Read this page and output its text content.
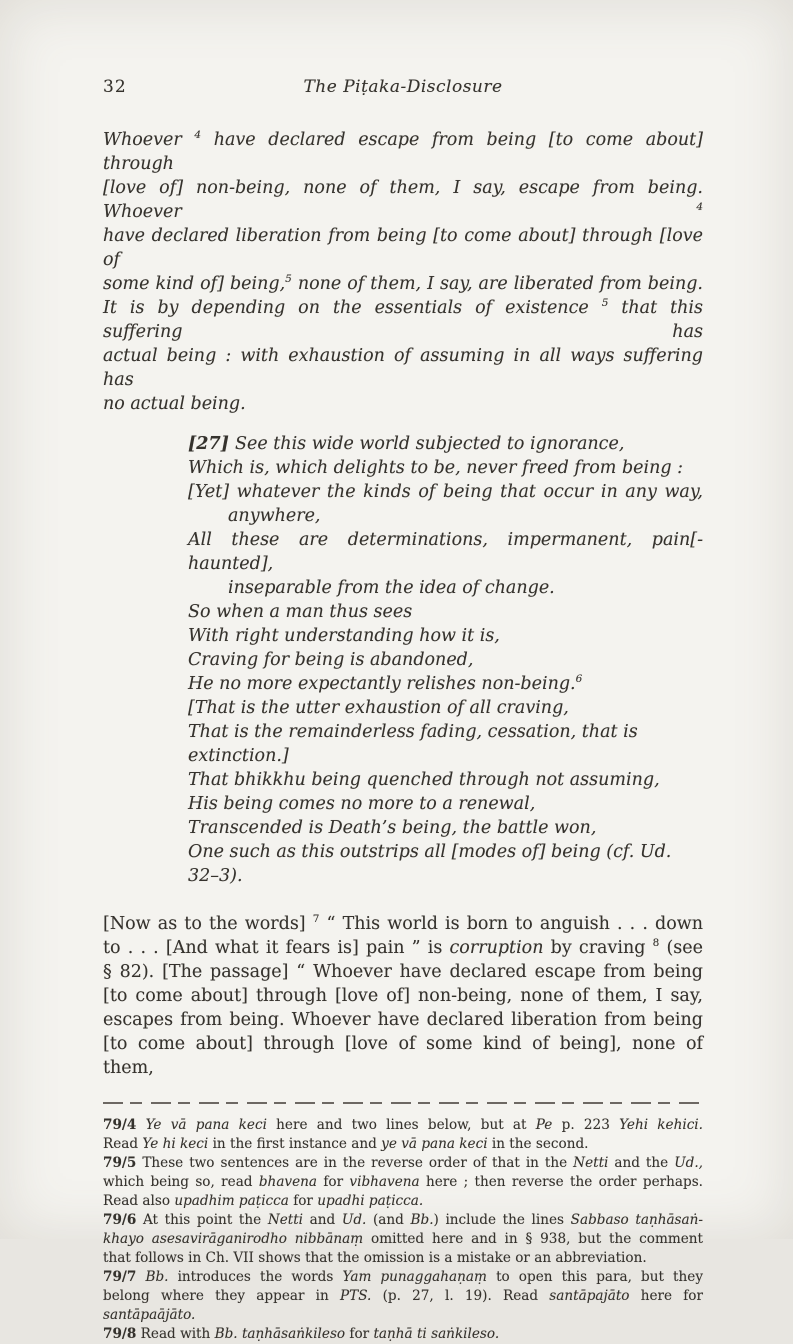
32	The Piṭaka-Disclosure
Whoever $^4$ have declared escape from being [to come about] through
[love of] non-being, none of them, I say, escape from being. Whoever $^4$
have declared liberation from being [to come about] through [love of
some kind of] being,$^5$ none of them, I say, are liberated from being.
It is by depending on the essentials of existence $^5$ that this suffering has
actual being : with exhaustion of assuming in all ways suffering has
no actual being.
[27] See this wide world subjected to ignorance,
Which is, which delights to be, never freed from being :
[Yet] whatever the kinds of being that occur in any way,
anywhere,
All these are determinations, impermanent, pain[-haunted],
inseparable from the idea of change.
So when a man thus sees
With right understanding how it is,
Craving for being is abandoned,
He no more expectantly relishes non-being.$^6$
[That is the utter exhaustion of all craving,
That is the remainderless fading, cessation, that is extinction.]
That bhikkhu being quenched through not assuming,
His being comes no more to a renewal,
Transcended is Death’s being, the battle won,
One such as this outstrips all [modes of] being (cf. Ud. 32–3).
[Now as to the words] $^7$ “ This world is born to anguish . . . down
to . . . [And what it fears is] pain ” is corruption by craving $^8$ (see
§ 82). [The passage] “ Whoever have declared escape from being
[to come about] through [love of] non-being, none of them, I say,
escapes from being. Whoever have declared liberation from being
[to come about] through [love of some kind of being], none of them,
79/4 Ye vā pana keci here and two lines below, but at Pe p. 223 Yehi kehici.
Read Ye hi keci in the first instance and ye vā pana keci in the second.
79/5 These two sentences are in the reverse order of that in the Netti and the Ud.,
which being so, read bhavena for vibhavena here ; then reverse the order perhaps.
Read also upadhim paṭicca for upadhi paṭicca.
79/6 At this point the Netti and Ud. (and Bb.) include the lines Sabbaso taṇhāsaṅ-
khayo asesavirāganirodho nibbānaṃ omitted here and in § 938, but the comment
that follows in Ch. VII shows that the omission is a mistake or an abbreviation.
79/7 Bb. introduces the words Yam punaggahaṇaṃ to open this para, but they
belong where they appear in PTS. (p. 27, l. 19). Read santāpajāto here for
santāpaājāto.
79/8 Read with Bb. taṇhāsaṅkileso for taṇhā ti saṅkileso.
